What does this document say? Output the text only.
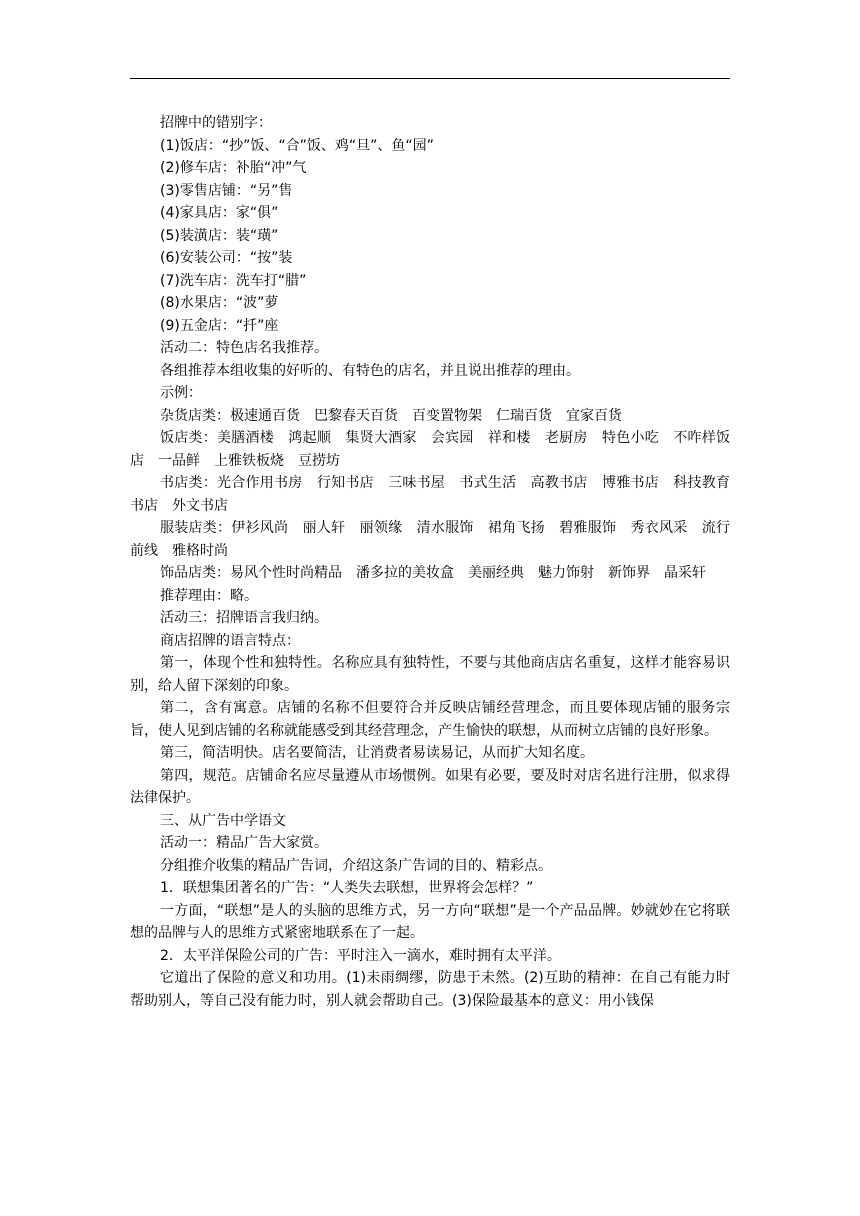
招牌中的错别字：

(1)饭店：“抄”饭、“合”饭、鸡“旦”、鱼“园”

(2)修车店：补胎“冲”气

(3)零售店铺：“另”售

(4)家具店：家“俱”

(5)装潢店：装“璜”

(6)安装公司：“按”装

(7)洗车店：洗车打“腊”

(8)水果店：“波”萝

(9)五金店：“扦”座

活动二：特色店名我推荐。

各组推荐本组收集的好听的、有特色的店名，并且说出推荐的理由。

示例：

杂货店类：极速通百货　巴黎春天百货　百变置物架　仁瑞百货　宜家百货

饭店类：美膳酒楼　鸿起顺　集贤大酒家　会宾园　祥和楼　老厨房　特色小吃　不咋样饭店　一品鲜　上雅铁板烧　豆捞坊

书店类：光合作用书房　行知书店　三味书屋　书式生活　高教书店　博雅书店　科技教育书店　外文书店

服装店类：伊衫风尚　丽人轩　丽领缘　清水服饰　裙角飞扬　碧雅服饰　秀衣风采　流行前线　雅格时尚

饰品店类：易风个性时尚精品　潘多拉的美妆盒　美丽经典　魅力饰射　新饰界　晶采轩

推荐理由：略。

活动三：招牌语言我归纳。

商店招牌的语言特点：

第一，体现个性和独特性。名称应具有独特性，不要与其他商店店名重复，这样才能容易识别，给人留下深刻的印象。

第二，含有寓意。店铺的名称不但要符合并反映店铺经营理念，而且要体现店铺的服务宗旨，使人见到店铺的名称就能感受到其经营理念，产生愉快的联想，从而树立店铺的良好形象。

第三，简洁明快。店名要简洁，让消费者易读易记，从而扩大知名度。

第四，规范。店铺命名应尽量遵从市场惯例。如果有必要，要及时对店名进行注册，似求得法律保护。

三、从广告中学语文

活动一：精品广告大家赏。

分组推介收集的精品广告词，介绍这条广告词的目的、精彩点。

1．联想集团著名的广告：“人类失去联想，世界将会怎样？”

一方面，“联想”是人的头脑的思维方式，另一方向“联想”是一个产品品牌。妙就妙在它将联想的品牌与人的思维方式紧密地联系在了一起。

2．太平洋保险公司的广告：平时注入一滴水，难时拥有太平洋。

它道出了保险的意义和功用。(1)未雨绸缪，防患于未然。(2)互助的精神：在自己有能力时帮助别人，等自己没有能力时，别人就会帮助自己。(3)保险最基本的意义：用小钱保
